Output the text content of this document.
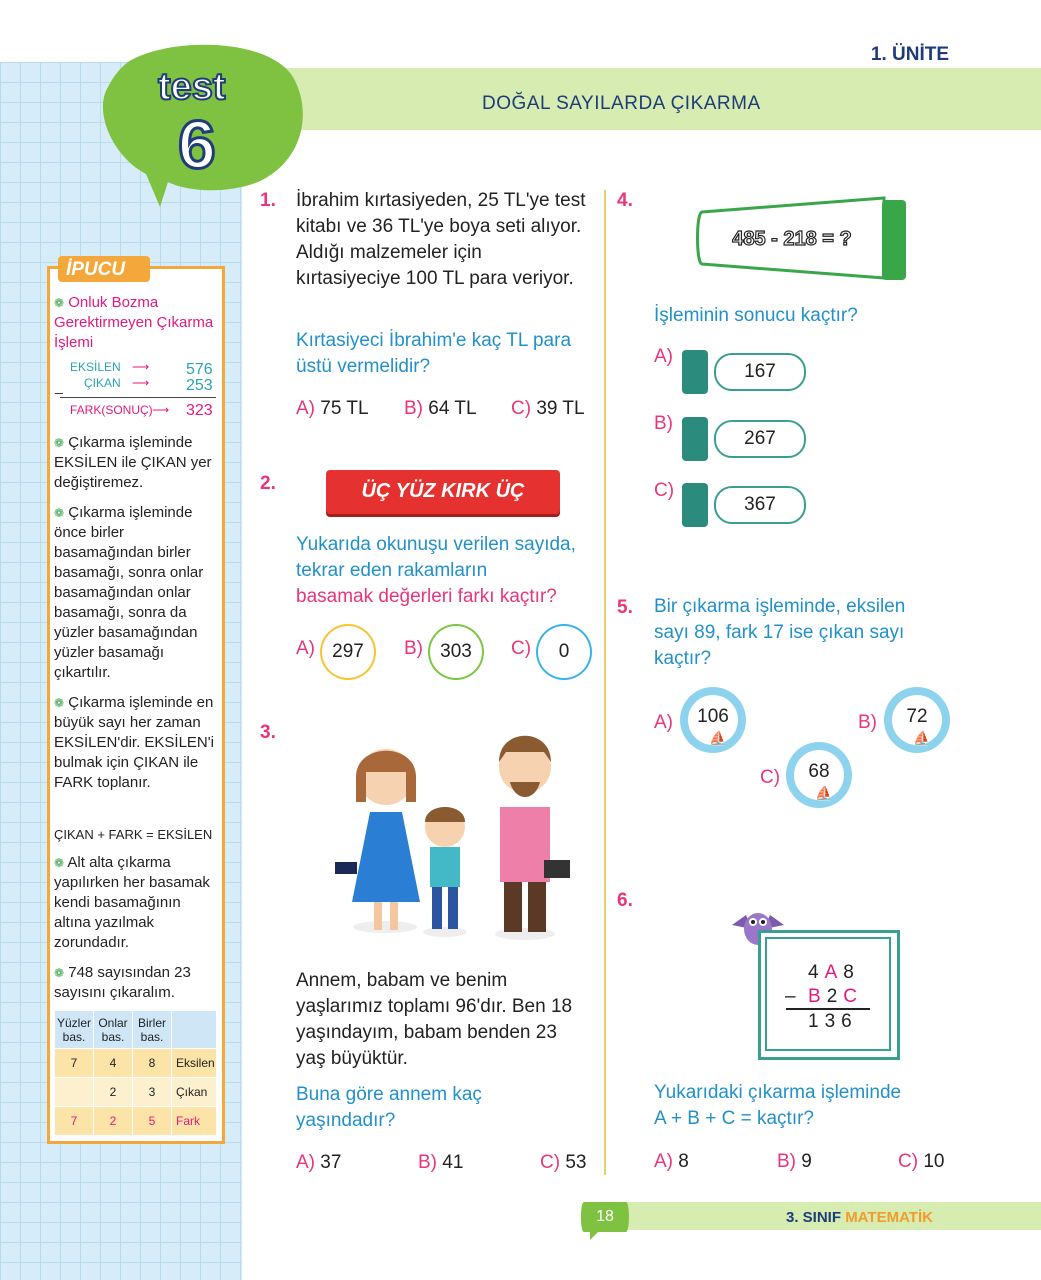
1. ÜNİTE
DOĞAL SAYILARDA ÇIKARMA
test
6
İPUCU
❁ Onluk Bozma Gerektirmeyen Çıkarma İşlemi
EKSİLEN ⟶ 576
ÇIKAN ⟶ 253
_
FARK(SONUÇ) ⟶ 323
❁ Çıkarma işleminde EKSİLEN ile ÇIKAN yer değiştiremez.
❁ Çıkarma işleminde önce birler basamağından birler basamağı, sonra onlar basamağından onlar basamağı, sonra da yüzler basamağından yüzler basamağı çıkartılır.
❁ Çıkarma işleminde en büyük sayı her zaman EKSİLEN'dir. EKSİLEN'i bulmak için ÇIKAN ile FARK toplanır.
ÇIKAN + FARK = EKSİLEN
❁ Alt alta çıkarma yapılırken her basamak kendi basamağının altına yazılmak zorundadır.
❁ 748 sayısından 23 sayısını çıkaralım.
Yüzler bas.	Onlar bas.	Birler bas.	
7	4	8	Eksilen
	2	3	Çıkan
7	2	5	Fark
1. İbrahim kırtasiyeden, 25 TL'ye test kitabı ve 36 TL'ye boya seti alıyor. Aldığı malzemeler için kırtasiyeciye 100 TL para veriyor.
Kırtasiyeci İbrahim'e kaç TL para üstü vermelidir?
A) 75 TL B) 64 TL C) 39 TL
2.	ÜÇ YÜZ KIRK ÜÇ
Yukarıda okunuşu verilen sayıda, tekrar eden rakamların
basamak değerleri farkı kaçtır?
A) 297	B) 303	C)	0
3.
Annem, babam ve benim yaşlarımız toplamı 96'dır. Ben 18 yaşındayım, babam benden 23 yaş büyüktür.
Buna göre annem kaç yaşındadır?
A) 37	B) 41	C) 53
4.
485 - 218 = ?
İşleminin sonucu kaçtır?
A)
167
B)
267
C)
367
5. Bir çıkarma işleminde, eksilen sayı 89, fark 17 ise çıkan sayı kaçtır?
A)	106
⛵
B)	72
⛵
C)	68
⛵
6.
4A8
– B2C
136
Yukarıdaki çıkarma işleminde
A + B + C = kaçtır?
A) 8	B) 9	C) 10
18	3. SINIF MATEMATİK
